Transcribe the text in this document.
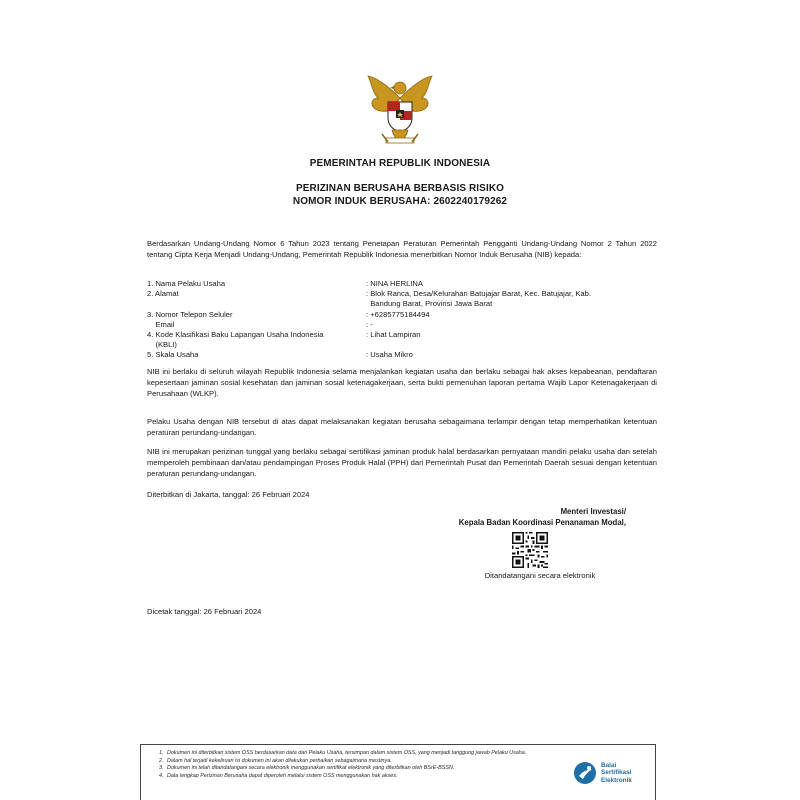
PEMERINTAH REPUBLIK INDONESIA
PERIZINAN BERUSAHA BERBASIS RISIKO
NOMOR INDUK BERUSAHA: 2602240179262
Berdasarkan Undang-Undang Nomor 6 Tahun 2023 tentang Penetapan Peraturan Pemerintah Pengganti Undang-Undang Nomor 2 Tahun 2022 tentang Cipta Kerja Menjadi Undang-Undang, Pemerintah Republik Indonesia menerbitkan Nomor Induk Berusaha (NIB) kepada:
1. Nama Pelaku Usaha	: NINA HERLINA
2. Alamat	: Blok Ranca, Desa/Kelurahan Batujajar Barat, Kec. Batujajar, Kab.
Bandung Barat, Provinsi Jawa Barat
3. Nomor Telepon Seluler	: +6285775184494
Email	: -
4. Kode Klasifikasi Baku Lapangan Usaha Indonesia	: Lihat Lampiran
(KBLI)
5. Skala Usaha	: Usaha Mikro
NIB ini berlaku di seluruh wilayah Republik Indonesia selama menjalankan kegiatan usaha dan berlaku sebagai hak akses kepabeanan, pendaftaran kepesertaan jaminan sosial kesehatan dan jaminan sosial ketenagakerjaan, serta bukti pemenuhan laporan pertama Wajib Lapor Ketenagakerjaan di Perusahaan (WLKP).
Pelaku Usaha dengan NIB tersebut di atas dapat melaksanakan kegiatan berusaha sebagaimana terlampir dengan tetap memperhatikan ketentuan peraturan perundang-undangan.
NIB ini merupakan perizinan tunggal yang berlaku sebagai sertifikasi jaminan produk halal berdasarkan pernyataan mandiri pelaku usaha dan setelah memperoleh pembinaan dan/atau pendampingan Proses Produk Halal (PPH) dari Pemerintah Pusat dan Pemerintah Daerah sesuai dengan ketentuan peraturan perundang-undangan.
Diterbitkan di Jakarta, tanggal: 26 Februari 2024
Menteri Investasi/
Kepala Badan Koordinasi Penanaman Modal,
Ditandatangani secara elektronik
Dicetak tanggal: 26 Februari 2024
1. Dokumen ini diterbitkan sistem OSS berdasarkan data dari Pelaku Usaha, tersimpan dalam sistem OSS, yang menjadi tanggung jawab Pelaku Usaha.
2. Dalam hal terjadi kekeliruan isi dokumen ini akan dilakukan perbaikan sebagaimana mestinya.
3. Dokumen ini telah ditandatangani secara elektronik menggunakan sertifikat elektronik yang diterbitkan oleh BSrE-BSSN.
4. Data lengkap Perizinan Berusaha dapat diperoleh melalui sistem OSS menggunakan hak akses.
Balai
Sertifikasi
Elektronik
